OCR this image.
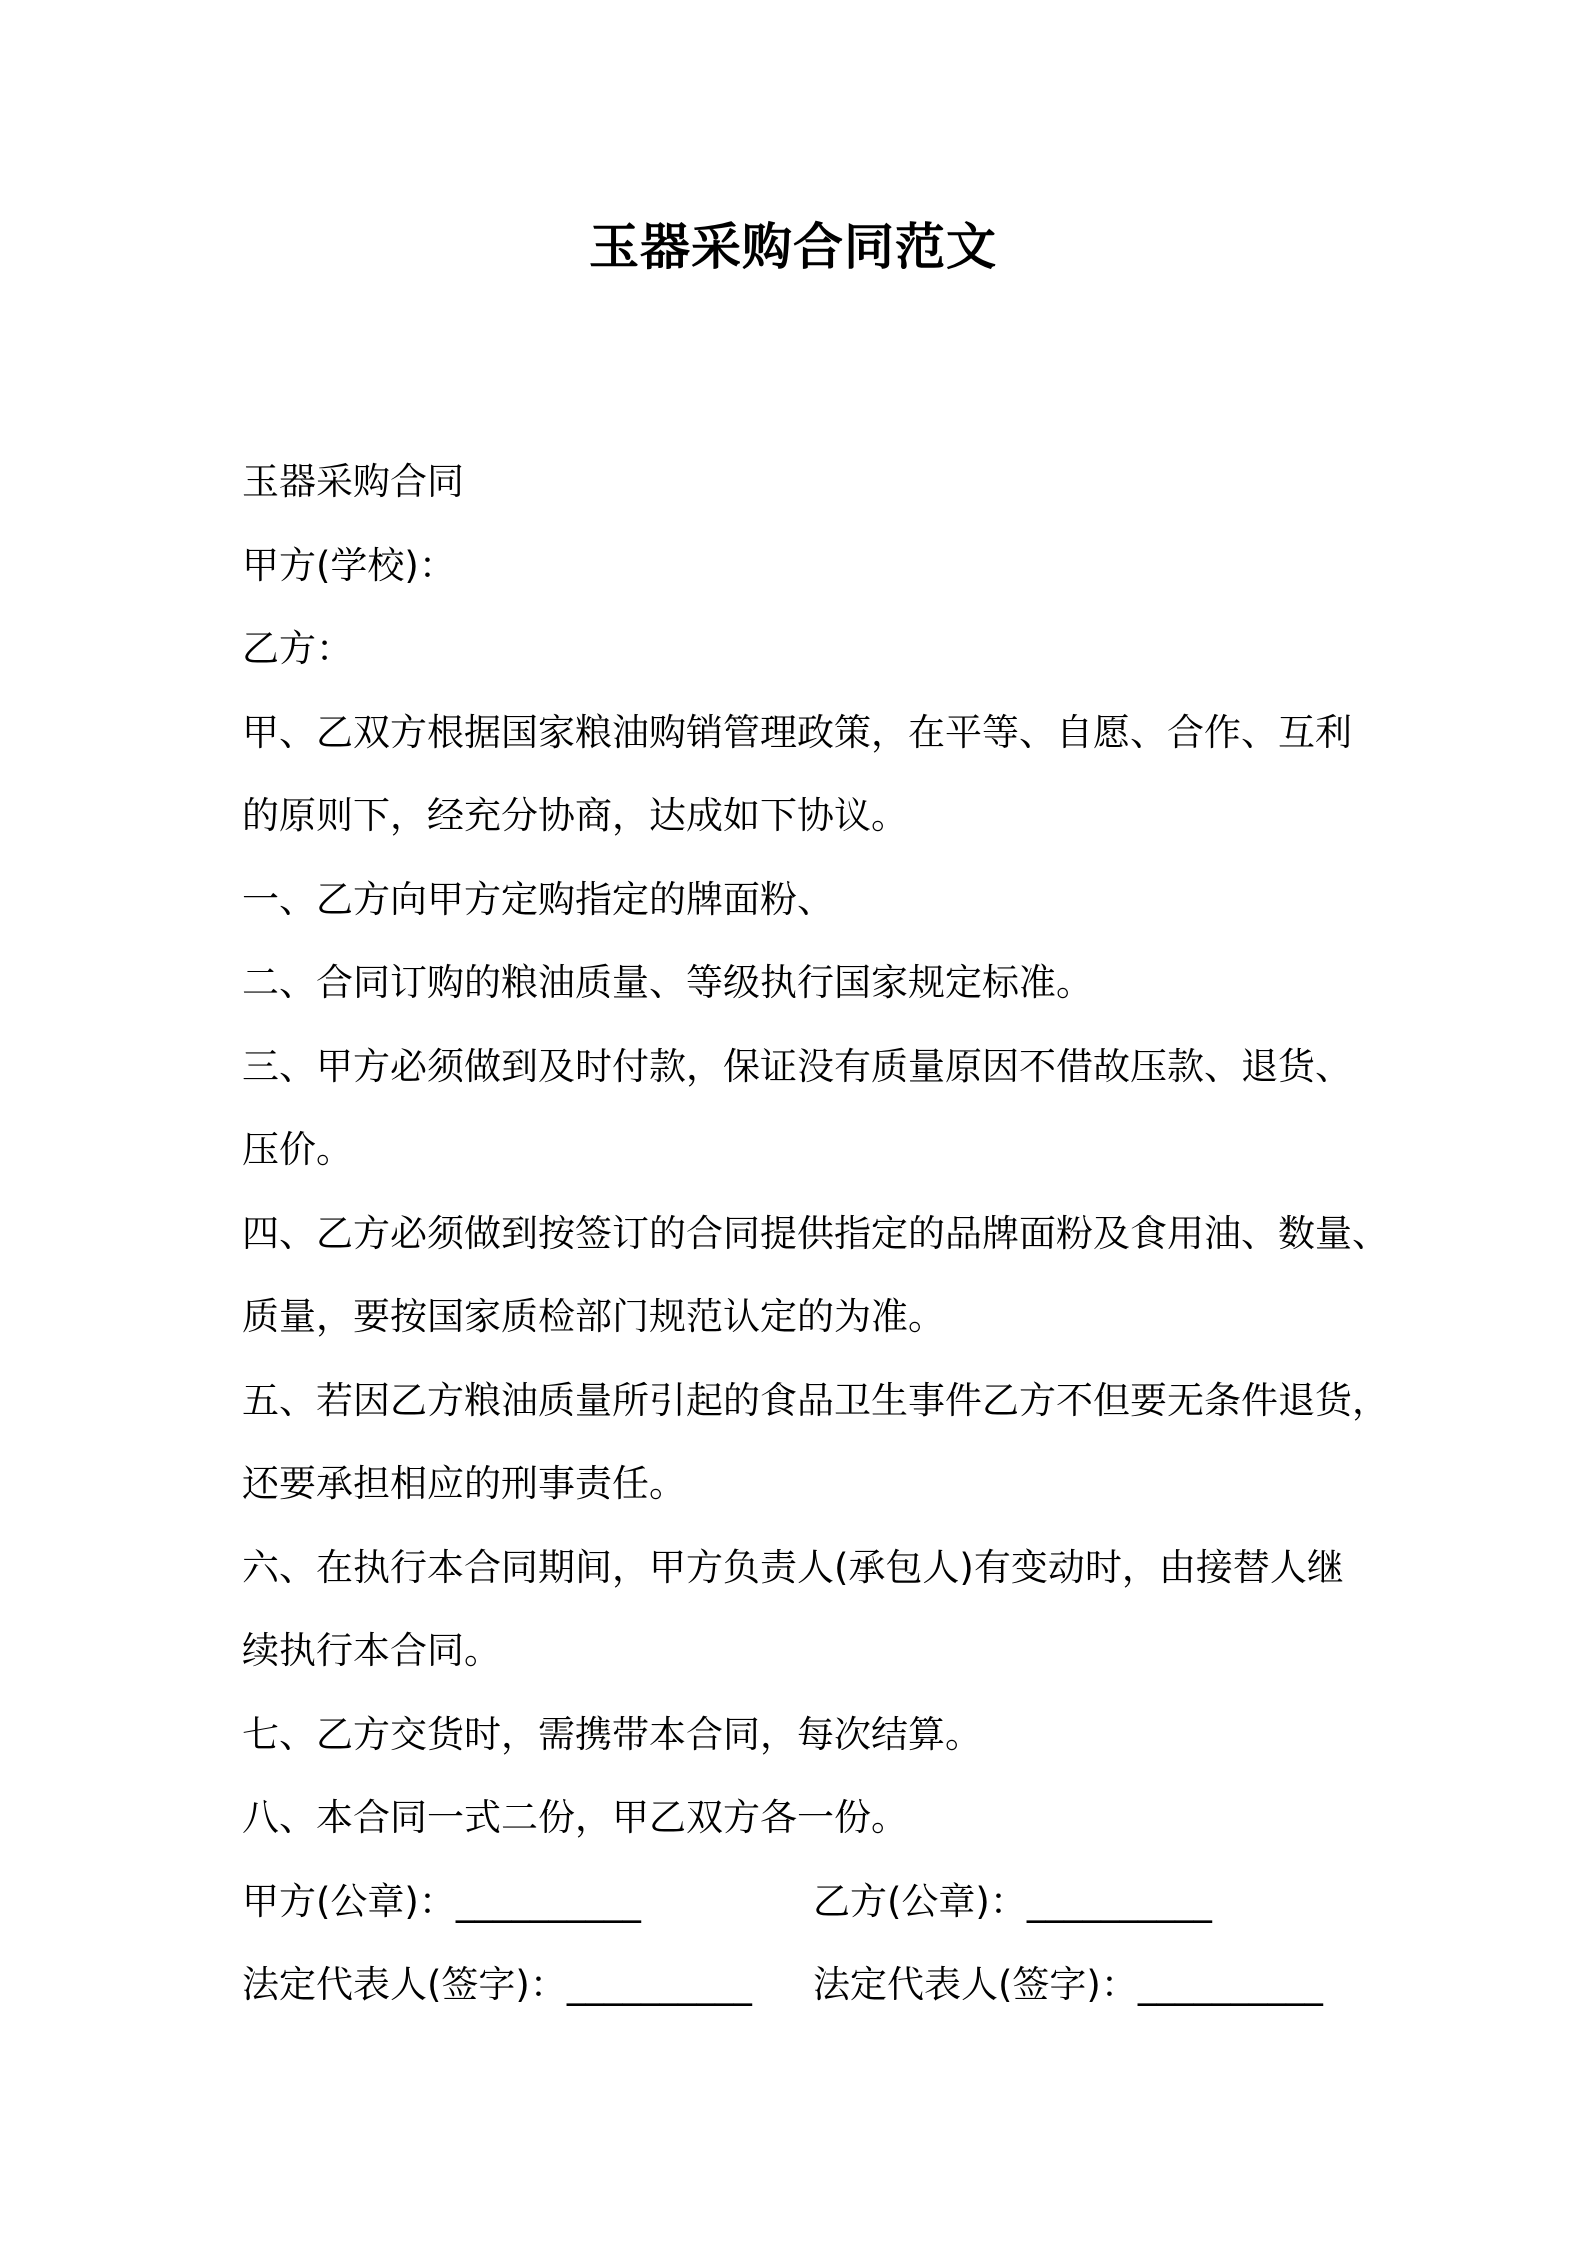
玉器采购合同范文
玉器采购合同
甲方(学校)：
乙方：
甲、乙双方根据国家粮油购销管理政策，在平等、自愿、合作、互利
的原则下，经充分协商，达成如下协议。
一、乙方向甲方定购指定的牌面粉、
二、合同订购的粮油质量、等级执行国家规定标准。
三、甲方必须做到及时付款，保证没有质量原因不借故压款、退货、
压价。
四、乙方必须做到按签订的合同提供指定的品牌面粉及食用油、数量、
质量，要按国家质检部门规范认定的为准。
五、若因乙方粮油质量所引起的食品卫生事件乙方不但要无条件退货，
还要承担相应的刑事责任。
六、在执行本合同期间，甲方负责人(承包人)有变动时，由接替人继
续执行本合同。
七、乙方交货时，需携带本合同，每次结算。
八、本合同一式二份，甲乙双方各一份。
甲方(公章)：__________	乙方(公章)：__________
法定代表人(签字)：__________ 法定代表人(签字)：__________
